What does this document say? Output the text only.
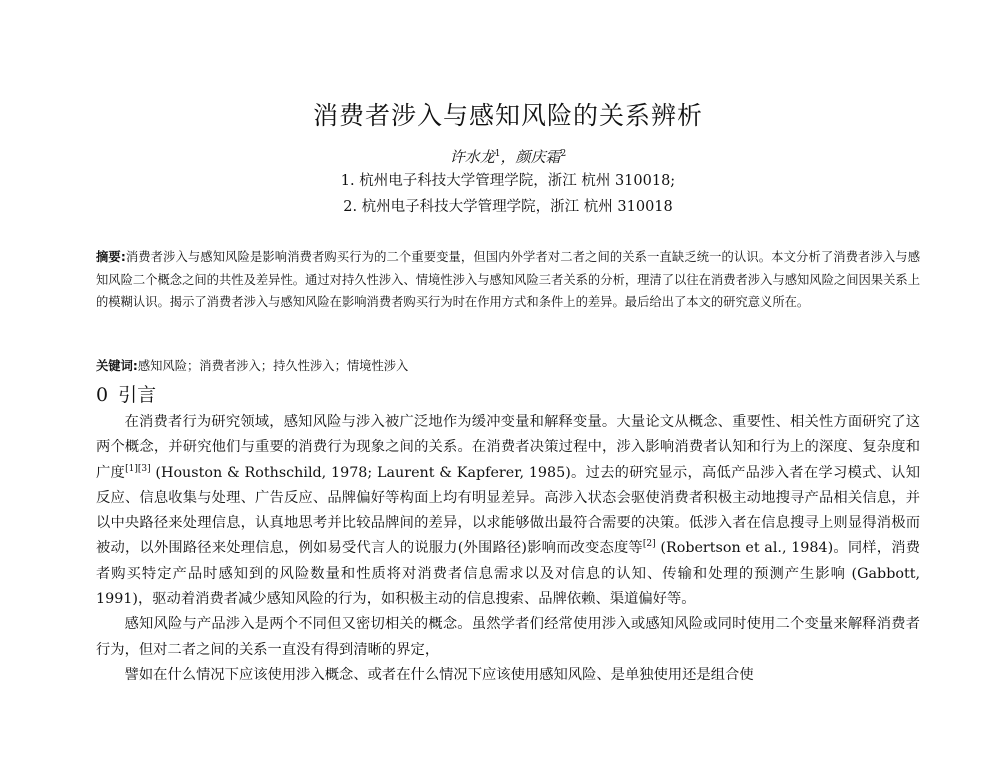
消费者涉入与感知风险的关系辨析
许水龙$^1$，颜庆霜$^2$
1. 杭州电子科技大学管理学院，浙江 杭州 310018;
2. 杭州电子科技大学管理学院，浙江 杭州 310018
摘要:消费者涉入与感知风险是影响消费者购买行为的二个重要变量，但国内外学者对二者之间的关系一直缺乏统一的认识。本文分析了消费者涉入与感知风险二个概念之间的共性及差异性。通过对持久性涉入、情境性涉入与感知风险三者关系的分析，理清了以往在消费者涉入与感知风险之间因果关系上的模糊认识。揭示了消费者涉入与感知风险在影响消费者购买行为时在作用方式和条件上的差异。最后给出了本文的研究意义所在。
关键词:感知风险；消费者涉入；持久性涉入；情境性涉入
0 引言

在消费者行为研究领域，感知风险与涉入被广泛地作为缓冲变量和解释变量。大量论文从概念、重要性、相关性方面研究了这两个概念，并研究他们与重要的消费行为现象之间的关系。在消费者决策过程中，涉入影响消费者认知和行为上的深度、复杂度和广度[1][3] (Houston & Rothschild, 1978; Laurent & Kapferer, 1985)。过去的研究显示，高低产品涉入者在学习模式、认知反应、信息收集与处理、广告反应、品牌偏好等构面上均有明显差异。高涉入状态会驱使消费者积极主动地搜寻产品相关信息，并以中央路径来处理信息，认真地思考并比较品牌间的差异，以求能够做出最符合需要的决策。低涉入者在信息搜寻上则显得消极而被动，以外围路径来处理信息，例如易受代言人的说服力(外围路径)影响而改变态度等[2] (Robertson et al., 1984)。同样，消费者购买特定产品时感知到的风险数量和性质将对消费者信息需求以及对信息的认知、传输和处理的预测产生影响 (Gabbott, 1991)，驱动着消费者减少感知风险的行为，如积极主动的信息搜索、品牌依赖、渠道偏好等。

感知风险与产品涉入是两个不同但又密切相关的概念。虽然学者们经常使用涉入或感知风险或同时使用二个变量来解释消费者行为，但对二者之间的关系一直没有得到清晰的界定，

譬如在什么情况下应该使用涉入概念、或者在什么情况下应该使用感知风险、是单独使用还是组合使
